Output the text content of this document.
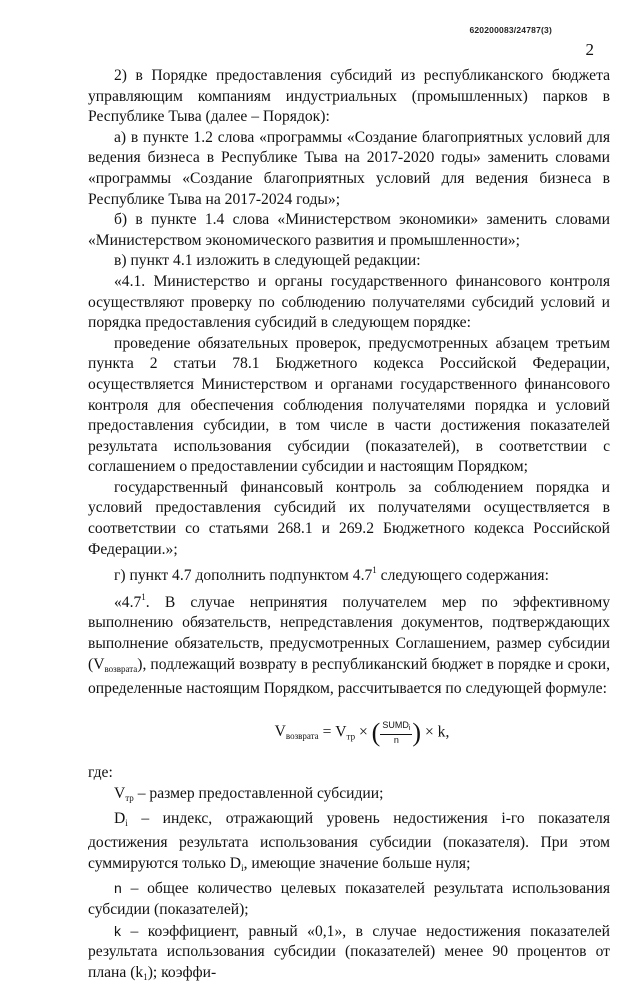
620200083/24787(3)
2

2) в Порядке предоставления субсидий из республиканского бюджета управляющим компаниям индустриальных (промышленных) парков в Республике Тыва (далее – Порядок):

а) в пункте 1.2 слова «программы «Создание благоприятных условий для ведения бизнеса в Республике Тыва на 2017-2020 годы» заменить словами «программы «Создание благоприятных условий для ведения бизнеса в Республике Тыва на 2017-2024 годы»;

б) в пункте 1.4 слова «Министерством экономики» заменить словами «Министерством экономического развития и промышленности»;

в) пункт 4.1 изложить в следующей редакции:

«4.1. Министерство и органы государственного финансового контроля осуществляют проверку по соблюдению получателями субсидий условий и порядка предоставления субсидий в следующем порядке:

проведение обязательных проверок, предусмотренных абзацем третьим пункта 2 статьи 78.1 Бюджетного кодекса Российской Федерации, осуществляется Министерством и органами государственного финансового контроля для обеспечения соблюдения получателями порядка и условий предоставления субсидии, в том числе в части достижения показателей результата использования субсидии (показателей), в соответствии с соглашением о предоставлении субсидии и настоящим Порядком;

государственный финансовый контроль за соблюдением порядка и условий предоставления субсидий их получателями осуществляется в соответствии со статьями 268.1 и 269.2 Бюджетного кодекса Российской Федерации.»;

г) пункт 4.7 дополнить подпунктом $4.7^1$ следующего содержания:

«$4.7^1$. В случае непринятия получателем мер по эффективному выполнению обязательств, непредставления документов, подтверждающих выполнение обязательств, предусмотренных Соглашением, размер субсидии $(V_{возврата})$, подлежащий возврату в республиканский бюджет в порядке и сроки, определенные настоящим Порядком, рассчитывается по следующей формуле:

$V_{возврата} = V_{тр}$ × ( $\frac{SUMD_i}{n}$ ) × k,

где:

$V_{тр}$ – размер предоставленной субсидии;

$D_i$ – индекс, отражающий уровень недостижения i-го показателя достижения результата использования субсидии (показателя). При этом суммируются только $D_i$, имеющие значение больше нуля;

n – общее количество целевых показателей результата использования субсидии (показателей);

k – коэффициент, равный «0,1», в случае недостижения показателей результата использования субсидии (показателей) менее 90 процентов от плана $(k_1)$; коэффи-
